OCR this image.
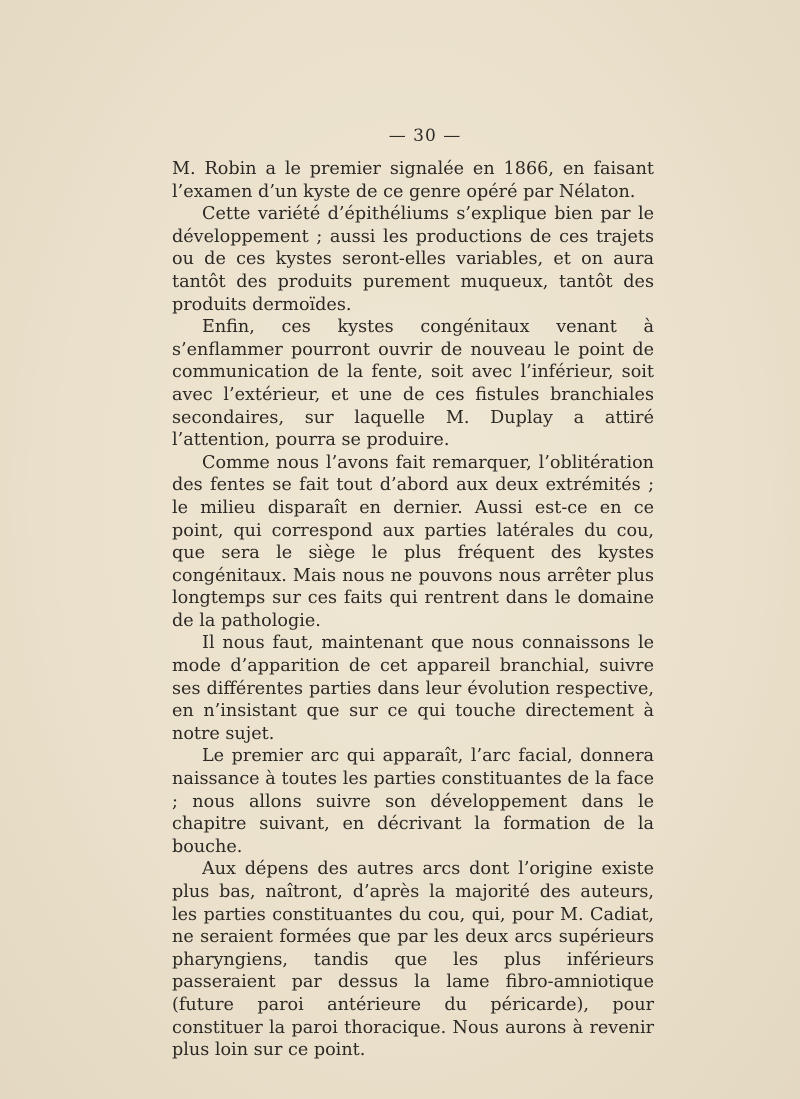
— 30 —

M. Robin a le premier signalée en 1866, en faisant l’examen d’un kyste de ce genre opéré par Nélaton.

Cette variété d’épithéliums s’explique bien par le développement ; aussi les productions de ces trajets ou de ces kystes seront-elles variables, et on aura tantôt des produits purement muqueux, tantôt des produits dermoïdes.

Enfin, ces kystes congénitaux venant à s’enflammer pourront ouvrir de nouveau le point de communication de la fente, soit avec l’inférieur, soit avec l’extérieur, et une de ces fistules branchiales secondaires, sur laquelle M. Duplay a attiré l’attention, pourra se produire.

Comme nous l’avons fait remarquer, l’oblitération des fentes se fait tout d’abord aux deux extrémités ; le milieu disparaît en dernier. Aussi est-ce en ce point, qui correspond aux parties latérales du cou, que sera le siège le plus fréquent des kystes congénitaux. Mais nous ne pouvons nous arrêter plus longtemps sur ces faits qui rentrent dans le domaine de la pathologie.

Il nous faut, maintenant que nous connaissons le mode d’apparition de cet appareil branchial, suivre ses différentes parties dans leur évolution respective, en n’insistant que sur ce qui touche directement à notre sujet.

Le premier arc qui apparaît, l’arc facial, donnera naissance à toutes les parties constituantes de la face ; nous allons suivre son développement dans le chapitre suivant, en décrivant la formation de la bouche.

Aux dépens des autres arcs dont l’origine existe plus bas, naîtront, d’après la majorité des auteurs, les parties constituantes du cou, qui, pour M. Cadiat, ne seraient formées que par les deux arcs supérieurs pharyngiens, tandis que les plus inférieurs passeraient par dessus la lame fibro-amniotique (future paroi antérieure du péricarde), pour constituer la paroi thoracique. Nous aurons à revenir plus loin sur ce point.
